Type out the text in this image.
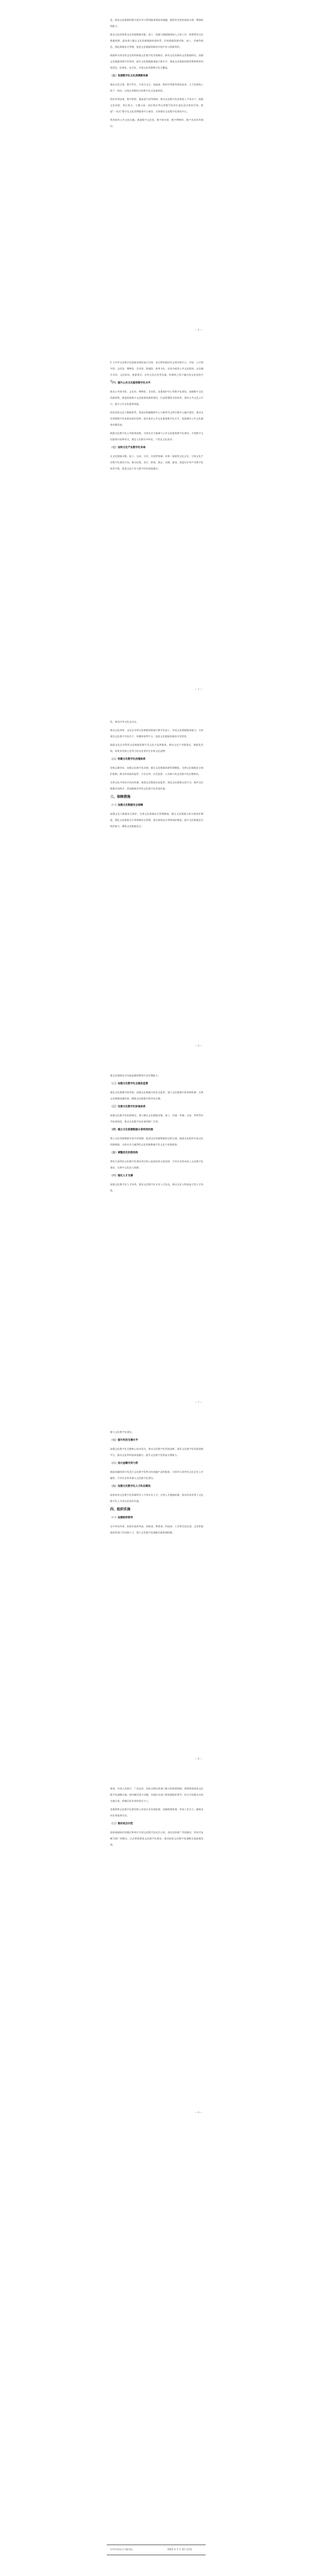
优，政府文化数据资源开放共享与利用服务将高效便捷，提供更完善的基础支撑，增强供给能力。

推动文化机构将文化资源数据采集、加工、挖掘与数据服务纳入日常工作，统筹利用文化数据资源，逐步建立健全文化资源数据标准体系，形成数据资源采集、加工、存储等规范，强化数据安全管理，促进文化数据资源的开放共享与创新利用。

鼓励和支持各类文化机构探索文化数字化发展路径，推动文化资源向文化数据转化，加强文化数据资源开发利用，提升文化数据服务能力和水平，推进文化数据资源管理和利用的规范化、标准化、安全化，实现文化资源数字化全覆盖。

（五）发展数字化文化消费新场景

集成全息呈现、数字孪生、多语言交互、高逼真、跨时空等新型体验技术，大力发展线上线下一体化、在线在场相结合的数字化文化新体验。

依托有线电视、数字影院、超高清大屏等载体，推动文化数字化成果进入千家万户。鼓励文化场馆、景区景点、主题公园、园区街区等运用数字技术打造沉浸式体验空间，推进“一站式”数字化文化消费服务平台建设，支持建设文化数字化体验中心。

利用现有公共文化设施，推进数字文化馆、数字图书馆、数字博物馆、数字美术馆等建设。

— 4 —

扩大中华文化数字化创新成果的展示空间，充分利用新时代文明实践中心、学校、公共图书馆、文化馆、博物馆、美术馆、影剧院、新华书店、农家书屋等公共文化机构，以及城市书房、文化驿站、旅游景区、农村文化礼堂等设施，构建线上线下融合的文化体验空间。

（六）提升公共文化服务数字化水平

推动公共图书馆、文化馆、博物馆、美术馆、非遗保护中心等数字化建设，加强数字文化资源供给，推进国家数字文化服务资源库建设，打造智慧图书馆体系，建设公共文化云平台，提升公共文化服务效能。

依托国家文化大数据体系，推进县级融媒体中心与新时代文明实践中心融合建设，推动文化资源数字化成果向基层延伸，提升基层公共文化服务数字化水平，促进城乡公共文化服务均衡发展。

鼓励文化数字化公共服务创新，支持社会力量参与公共文化服务数字化建设，丰富数字文化服务内容和形式，满足人民群众多样化、个性化文化需求。

（七）加快文化产业数字化布局

在文化数据采集、加工、交易、分发、呈现等领域，培育一批新型文化企业，引领文化产业数字化建设方向。推动出版、发行、影视、演艺、动漫、游戏、创意设计等产业数字化转型升级，促进文化产业与数字经济深度融合。

— 5 —

发，推动中华文化走出去。

推动文化机构、文化企业将文化数据资源进行数字化加工，形成文化数据服务能力。支持建设文化数字内容生产、传播和消费平台，促进文化数据资源的开发利用。

鼓励文化企业利用文化数据资源开发文化产品和服务，推动文化产业链条化、集群化发展，培育具有核心竞争力的文化领军企业和文化品牌。

（八）构建文化数字化治理体系

坚持正确导向，加强文化数字化治理，健全文化数据资源管理制度，完善文化数据安全保护机制，推动形成政府监管、行业自律、社会监督、公众参与的文化数字化治理格局。

完善文化市场综合执法机制，加强文化数据交易监管，规范文化数据交易行为，维护文化数据市场秩序，营造健康有序的文化数字化发展环境。

三、保障措施

（一）加强文化数据安全保障

加强文化大数据安全保护，完善文化数据安全管理制度，健全文化数据分类分级保护制度，强化文化数据全生命周期安全管理，落实网络安全等级保护制度，提升文化数据安全防护能力，确保文化数据安全。

— 6 —

强文化数据安全风险监测预警和应急处置能力。

（二）加强文化数字化全链条监管

强化文化数据内容审核，加强文化数据内容安全监管，建立文化数据内容审核机制，完善文化数据质量标准，确保文化数据内容导向正确。

（三）完善文化数字化标准体系

加强文化数字化标准制定，建立健全文化数据采集、加工、存储、传输、交易、利用等环节标准规范，推动文化数字化标准的推广应用。

（四）建立文化资源数据分享利用机制

建立文化资源数据开放共享机制，推进文化资源数据的互联互通，鼓励文化机构开放文化资源数据，支持社会力量利用文化资源数据开发文化产品和服务。

（五）调整优化投资结构

将符合条件的文化数字化建设项目纳入政府投资支持范围，引导社会资本投入文化数字化建设，完善多元化投入机制。

（六）强化人才支撑

加强文化数字化人才培养，建设文化数字化专业人才队伍，推动文化与科技复合型人才培养。

— 7 —

参与文化数字化建设。

（七）提升科技支撑水平

加强文化数字化关键核心技术攻关，推动文化数字化科技创新，建设文化数字化科技创新平台，推动文化和科技深度融合，提升文化数字化科技支撑能力。

（八）加大金融支持力度

鼓励金融机构开发适合文化数字化特点的金融产品和服务，支持符合条件的文化企业上市融资，引导社会资本参与文化数字化建设。

（九）加强文化数字化人才队伍建设

加快培养文化数字化领域领军人才和专业人才，完善人才激励机制，推动形成有利于文化数字化人才成长的良好环境。

四、组织实施

（一）加强组织领导

在中央宣传部、国家发展改革委、财政部、教育部、科技部、工业和信息化部、文化和旅游部等部门共同参与下，建立文化数字化战略实施协调机制。

— 8 —

源部、中国人民银行、广电总局、国家文物局等部门参与的协调机制，统筹推进国家文化数字化战略实施，研究解决重大问题，各地区各部门要加强组织领导，结合实际制定具体实施方案，明确目标任务和责任分工。

各地要将文化数字化建设纳入经济社会发展规划，加强统筹协调，形成工作合力，确保各项任务落到实处。

（二）推动试点示范

选择基础较好的地区和单位开展文化数字化试点示范，及时总结推广经验做法，形成可复制可推广的模式，以点带面推进文化数字化建设，推动国家文化数字化战略全面落地见效。

— 9 —
中共中央办公厅秘书局	2022 年 5 月 20 日印发
